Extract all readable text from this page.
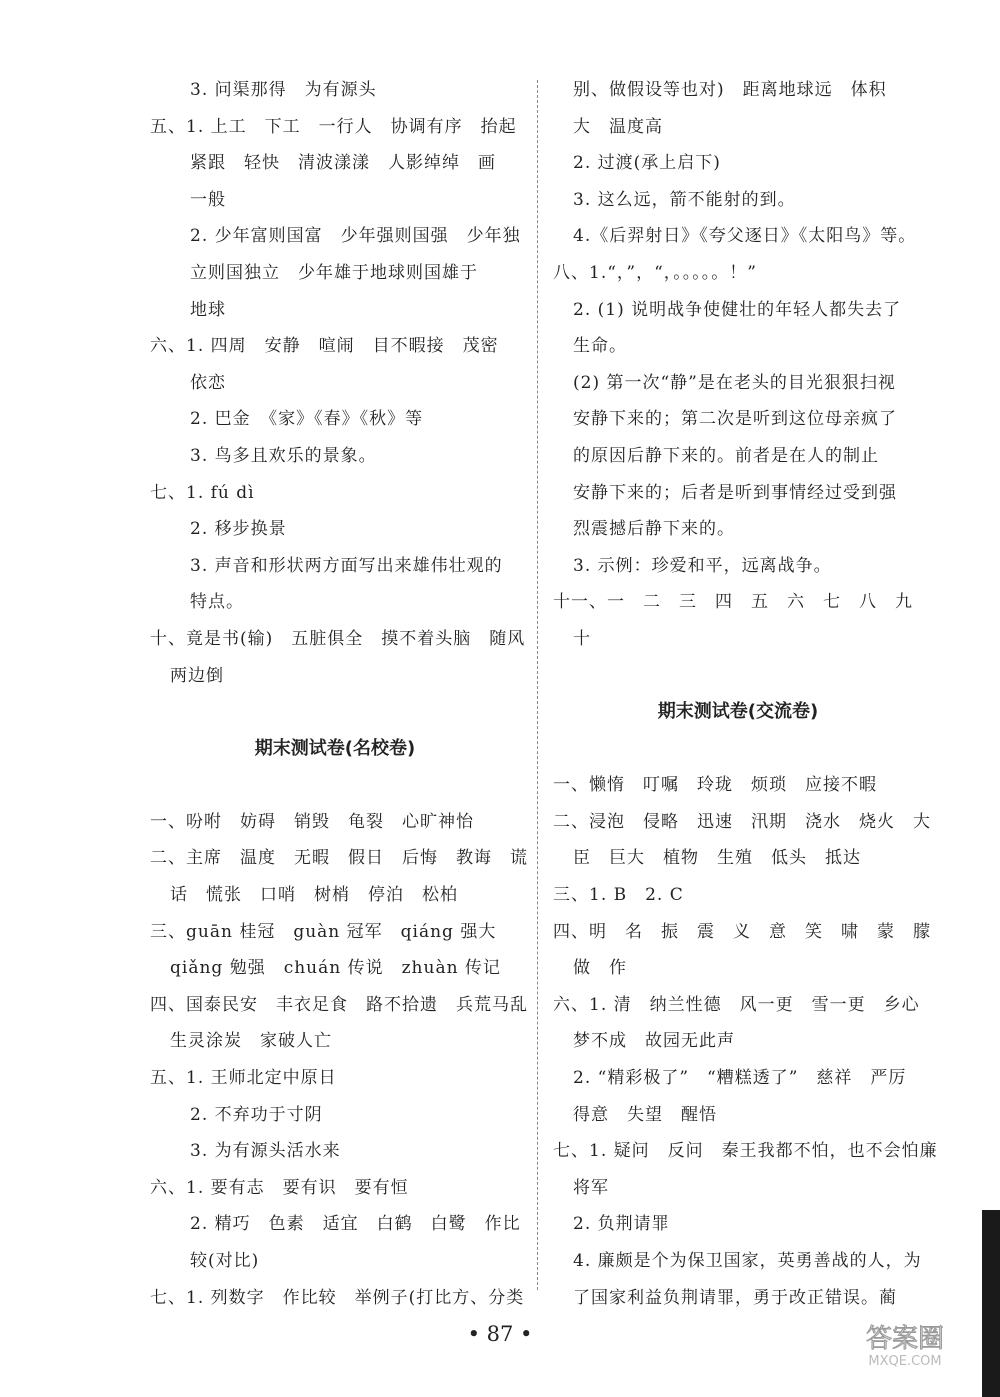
3. 问渠那得　为有源头
五、1. 上工　下工　一行人　协调有序　抬起
紧跟　轻快　清波漾漾　人影绰绰　画
一般
2. 少年富则国富　少年强则国强　少年独
立则国独立　少年雄于地球则国雄于
地球
六、1. 四周　安静　喧闹　目不暇接　茂密
依恋
2. 巴金　《家》《春》《秋》等
3. 鸟多且欢乐的景象。
七、1. fú dì
2. 移步换景
3. 声音和形状两方面写出来雄伟壮观的
特点。
十、竟是书(输)　五脏俱全　摸不着头脑　随风
两边倒
期末测试卷(名校卷)
一、吩咐　妨碍　销毁　龟裂　心旷神怡
二、主席　温度　无暇　假日　后悔　教诲　谎
话　慌张　口哨　树梢　停泊　松柏
三、guān 桂冠　guàn 冠军　qiáng 强大
qiǎng 勉强　chuán 传说　zhuàn 传记
四、国泰民安　丰衣足食　路不拾遗　兵荒马乱
生灵涂炭　家破人亡
五、1. 王师北定中原日
2. 不弃功于寸阴
3. 为有源头活水来
六、1. 要有志　要有识　要有恒
2. 精巧　色素　适宜　白鹤　白鹭　作比
较(对比)
七、1. 列数字　作比较　举例子(打比方、分类
别、做假设等也对)　距离地球远　体积
大　温度高
2. 过渡(承上启下)
3. 这么远，箭不能射的到。
4.《后羿射日》《夸父逐日》《太阳鸟》等。
八、1.“，”，“，。。。。。！”
2. (1) 说明战争使健壮的年轻人都失去了
生命。
(2) 第一次“静”是在老头的目光狠狠扫视
安静下来的；第二次是听到这位母亲疯了
的原因后静下来的。前者是在人的制止
安静下来的；后者是听到事情经过受到强
烈震撼后静下来的。
3. 示例：珍爱和平，远离战争。
十一、一　二　三　四　五　六　七　八　九
十
期末测试卷(交流卷)
一、懒惰　叮嘱　玲珑　烦琐　应接不暇
二、浸泡　侵略　迅速　汛期　浇水　烧火　大
臣　巨大　植物　生殖　低头　抵达
三、1. B　2. C
四、明　名　振　震　义　意　笑　啸　蒙　朦
做　作
六、1. 清　纳兰性德　风一更　雪一更　乡心
梦不成　故园无此声
2. “精彩极了”　“糟糕透了”　慈祥　严厉
得意　失望　醒悟
七、1. 疑问　反问　秦王我都不怕，也不会怕廉
将军
2. 负荆请罪
4. 廉颇是个为保卫国家，英勇善战的人，为
了国家利益负荆请罪，勇于改正错误。蔺
• 87 •	答案圈
MXQE.COM
